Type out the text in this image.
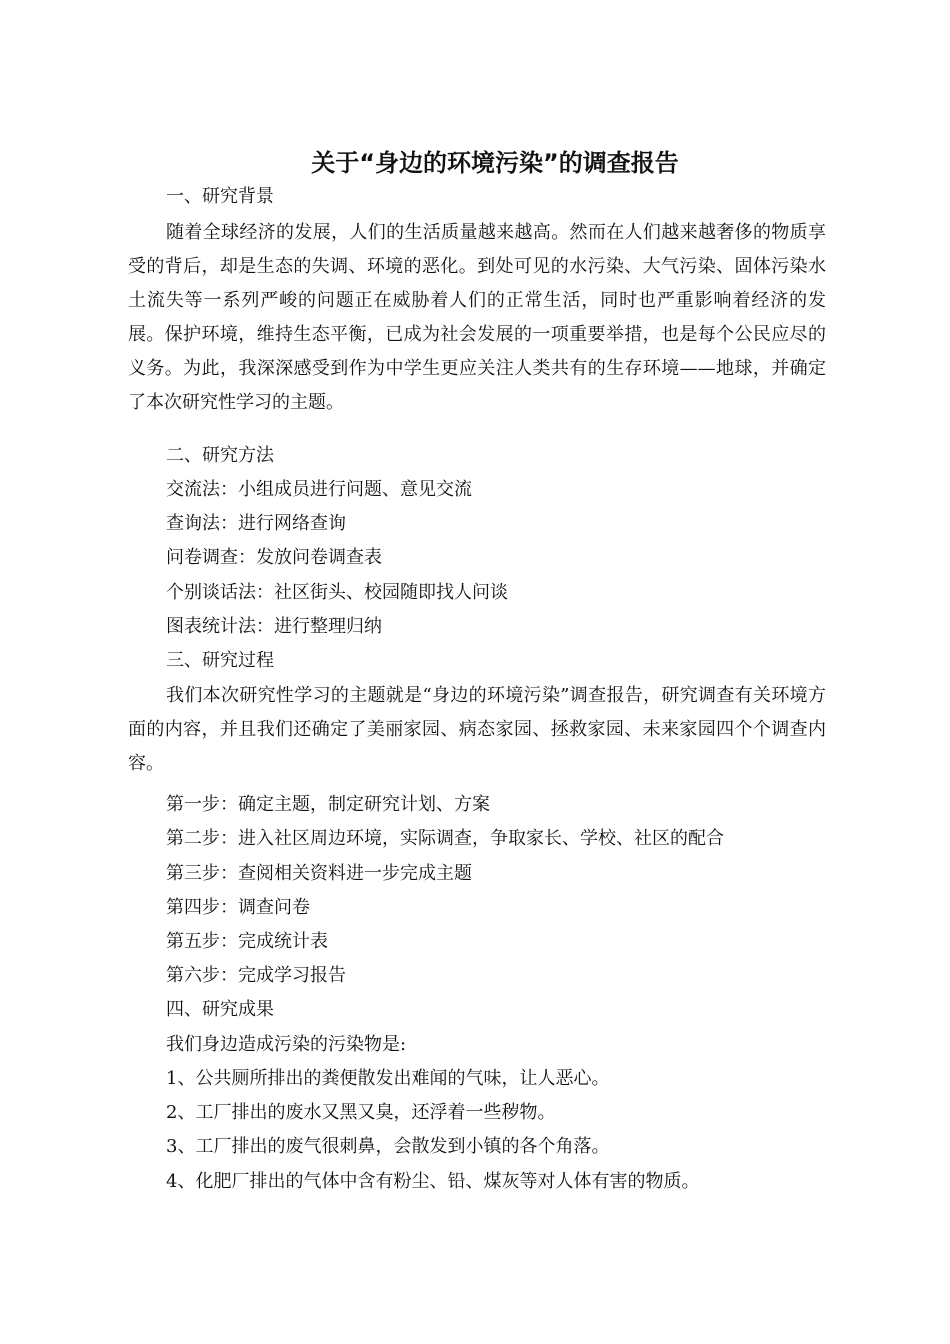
关于“身边的环境污染”的调查报告
一、研究背景

随着全球经济的发展，人们的生活质量越来越高。然而在人们越来越奢侈的物质享受的背后，却是生态的失调、环境的恶化。到处可见的水污染、大气污染、固体污染水土流失等一系列严峻的问题正在威胁着人们的正常生活，同时也严重影响着经济的发展。保护环境，维持生态平衡，已成为社会发展的一项重要举措，也是每个公民应尽的义务。为此，我深深感受到作为中学生更应关注人类共有的生存环境——地球，并确定了本次研究性学习的主题。

二、研究方法
交流法：小组成员进行问题、意见交流
查询法：进行网络查询
问卷调查：发放问卷调查表
个别谈话法：社区街头、校园随即找人问谈
图表统计法：进行整理归纳
三、研究过程

我们本次研究性学习的主题就是“身边的环境污染”调查报告，研究调查有关环境方面的内容，并且我们还确定了美丽家园、病态家园、拯救家园、未来家园四个个调查内容。

第一步：确定主题，制定研究计划、方案
第二步：进入社区周边环境，实际调查，争取家长、学校、社区的配合
第三步：查阅相关资料进一步完成主题
第四步：调查问卷
第五步：完成统计表
第六步：完成学习报告
四、研究成果
我们身边造成污染的污染物是:
1、公共厕所排出的粪便散发出难闻的气味，让人恶心。
2、工厂排出的废水又黑又臭，还浮着一些秽物。
3、工厂排出的废气很刺鼻，会散发到小镇的各个角落。
4、化肥厂排出的气体中含有粉尘、铅、煤灰等对人体有害的物质。
